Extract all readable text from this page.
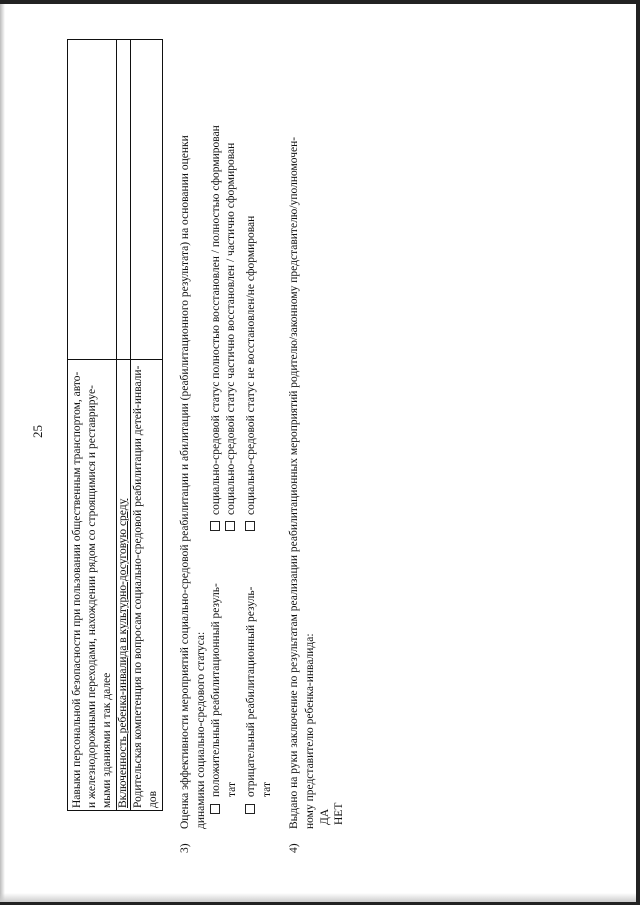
25 Навыки персональной безопасности при пользовании общественным транспортом, авто- и железнодорожными переходами, нахождении рядом со строящимися и реставрируе- мыми зданиями и так далее Включенность ребенка-инвалида в культурно-досуговую среду Родительская компетенция по вопросам социально-средовой реабилитации детей-инвали- дов
3)
Оценка эффективности мероприятий социально-средовой реабилитации и абилитации (реабилитационного результата) на основании оценки динамики социально-средового статуса: положительный реабилитационный резуль- тат
социально-средовой статус полностью восстановлен / полностью сформирован социально-средовой статус частично восстановлен / частично сформирован
отрицательный реабилитационный резуль- тат
социально-средовой статус не восстановлен/не сформирован
4)
Выдано на руки заключение по результатам реализации реабилитационных мероприятий родителю/законному представителю/уполномочен- ному представителю ребенка-инвалида: ДА НЕТ
